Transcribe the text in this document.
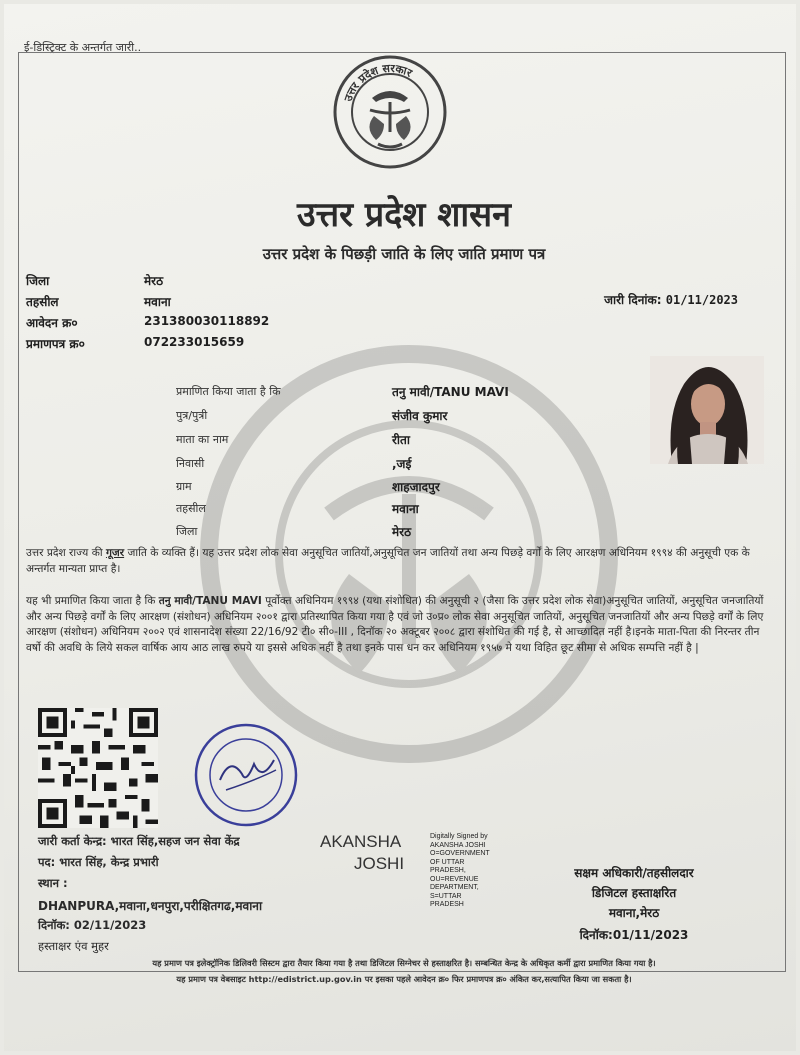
ई-डिस्ट्रिक्ट के अन्तर्गत जारी..
उत्तर प्रदेश सरकार
उत्तर प्रदेश शासन
उत्तर प्रदेश के पिछड़ी जाति के लिए जाति प्रमाण पत्र
जिला	मेरठ
तहसील	मवाना
आवेदन क्र०	231380030118892
प्रमाणपत्र क्र०	072233015659
जारी दिनांक: 01/11/2023
प्रमाणित किया जाता है कि	तनु मावी/TANU MAVI
पुत्र/पुत्री	संजीव कुमार
माता का नाम	रीता
निवासी	,जई
ग्राम	शाहजादपुर
तहसील	मवाना
जिला	मेरठ
उत्तर प्रदेश राज्य की गूजर जाति के व्यक्ति हैं। यह उत्तर प्रदेश लोक सेवा अनुसूचित जातियों,अनुसूचित जन जातियों तथा अन्य पिछड़े वर्गों के लिए आरक्षण अधिनियम १९९४ की अनुसूची एक के अन्तर्गत मान्यता प्राप्त है।
यह भी प्रमाणित किया जाता है कि तनु मावी/TANU MAVI पूर्वोक्त अधिनियम १९९४ (यथा संशोधित) की अनुसूची २ (जैसा कि उत्तर प्रदेश लोक सेवा)अनुसूचित जातियों, अनुसूचित जनजातियों और अन्य पिछड़े वर्गों के लिए आरक्षण (संशोधन) अधिनियम २००१ द्वारा प्रतिस्थापित किया गया है एवं जो उ०प्र० लोक सेवा अनुसूचित जातियों, अनुसूचित जनजातियों और अन्य पिछड़े वर्गों के लिए आरक्षण (संशोधन) अधिनियम २००२ एवं शासनादेश संख्या 22/16/92 टी० सी०-III , दिनॉक २० अक्टूबर २००८ द्वारा संशोधित की गई है, से आच्छादित नहीं है।इनके माता-पिता की निरन्तर तीन वर्षो की अवधि के लिये सकल वार्षिक आय आठ लाख रुपये या इससे अधिक नहीं है तथा इनके पास धन कर अधिनियम १९५७ मे यथा विहित छूट सीमा से अधिक सम्पत्ति नहीं है |
जारी कर्ता केन्द्र: भारत सिंह,सहज जन सेवा केंद्र
पद: भारत सिंह, केन्द्र प्रभारी
स्थान :
DHANPURA,मवाना,धनपुरा,परीक्षितगढ,मवाना
दिनॉक: 02/11/2023
हस्ताक्षर एंव मुहर
AKANSHA
JOSHI
Digitally Signed by
AKANSHA JOSHI
O=GOVERNMENT
OF UTTAR
PRADESH,
OU=REVENUE
DEPARTMENT,
S=UTTAR
PRADESH
सक्षम अधिकारी/तहसीलदार
डिजिटल हस्ताक्षरित
मवाना,मेरठ
दिनॉक:01/11/2023
यह प्रमाण पत्र इलेक्ट्रॉनिक डिलिवरी सिस्टम द्वारा तैयार किया गया है तथा डिजिटल सिग्नेचर से हस्ताक्षरित है। सम्बन्धित केन्द्र के अधिकृत कर्मी द्वारा प्रमाणित किया गया है।
यह प्रमाण पत्र वेबसाइट http://edistrict.up.gov.in पर इसका पहले आवेदन क्र० फिर प्रमाणपत्र क्र० अंकित कर,सत्यापित किया जा सकता है।
